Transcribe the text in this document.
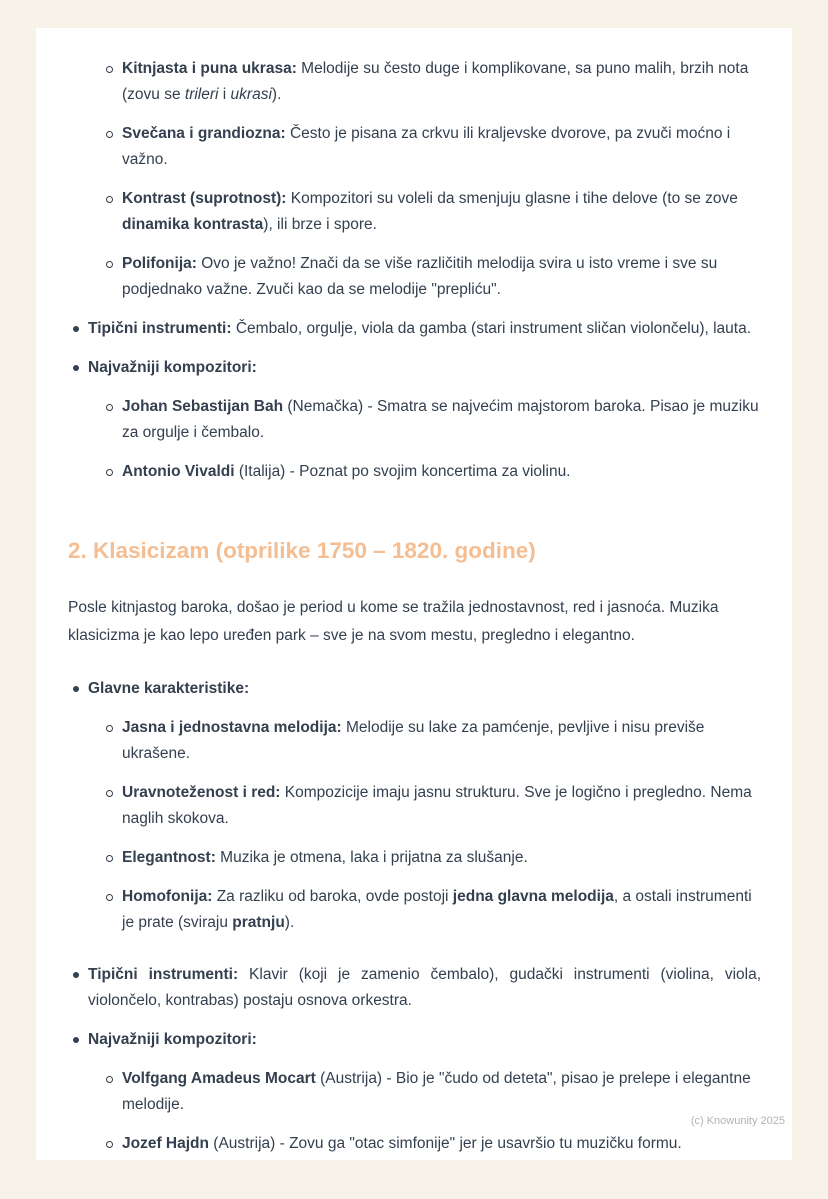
Kitnjasta i puna ukrasa: Melodije su često duge i komplikovane, sa puno malih, brzih nota (zovu se trileri i ukrasi).
Svečana i grandiozna: Često je pisana za crkvu ili kraljevske dvorove, pa zvuči moćno i važno.
Kontrast (suprotnost): Kompozitori su voleli da smenjuju glasne i tihe delove (to se zove dinamika kontrasta), ili brze i spore.
Polifonija: Ovo je važno! Znači da se više različitih melodija svira u isto vreme i sve su podjednako važne. Zvuči kao da se melodije "prepliću".
Tipični instrumenti: Čembalo, orgulje, viola da gamba (stari instrument sličan violončelu), lauta.
Najvažniji kompozitori:
Johan Sebastijan Bah (Nemačka) - Smatra se najvećim majstorom baroka. Pisao je muziku za orgulje i čembalo.
Antonio Vivaldi (Italija) - Poznat po svojim koncertima za violinu.
2. Klasicizam (otprilike 1750 – 1820. godine)
Posle kitnjastog baroka, došao je period u kome se tražila jednostavnost, red i jasnoća. Muzika klasicizma je kao lepo uređen park – sve je na svom mestu, pregledno i elegantno.
Glavne karakteristike:
Jasna i jednostavna melodija: Melodije su lake za pamćenje, pevljive i nisu previše ukrašene.
Uravnoteženost i red: Kompozicije imaju jasnu strukturu. Sve je logično i pregledno. Nema naglih skokova.
Elegantnost: Muzika je otmena, laka i prijatna za slušanje.
Homofonija: Za razliku od baroka, ovde postoji jedna glavna melodija, a ostali instrumenti je prate (sviraju pratnju).
Tipični instrumenti: Klavir (koji je zamenio čembalo), gudački instrumenti (violina, viola, violončelo, kontrabas) postaju osnova orkestra.
Najvažniji kompozitori:
Volfgang Amadeus Mocart (Austrija) - Bio je "čudo od deteta", pisao je prelepe i elegantne melodije.
Jozef Hajdn (Austrija) - Zovu ga "otac simfonije" jer je usavršio tu muzičku formu.
(c) Knowunity 2025
